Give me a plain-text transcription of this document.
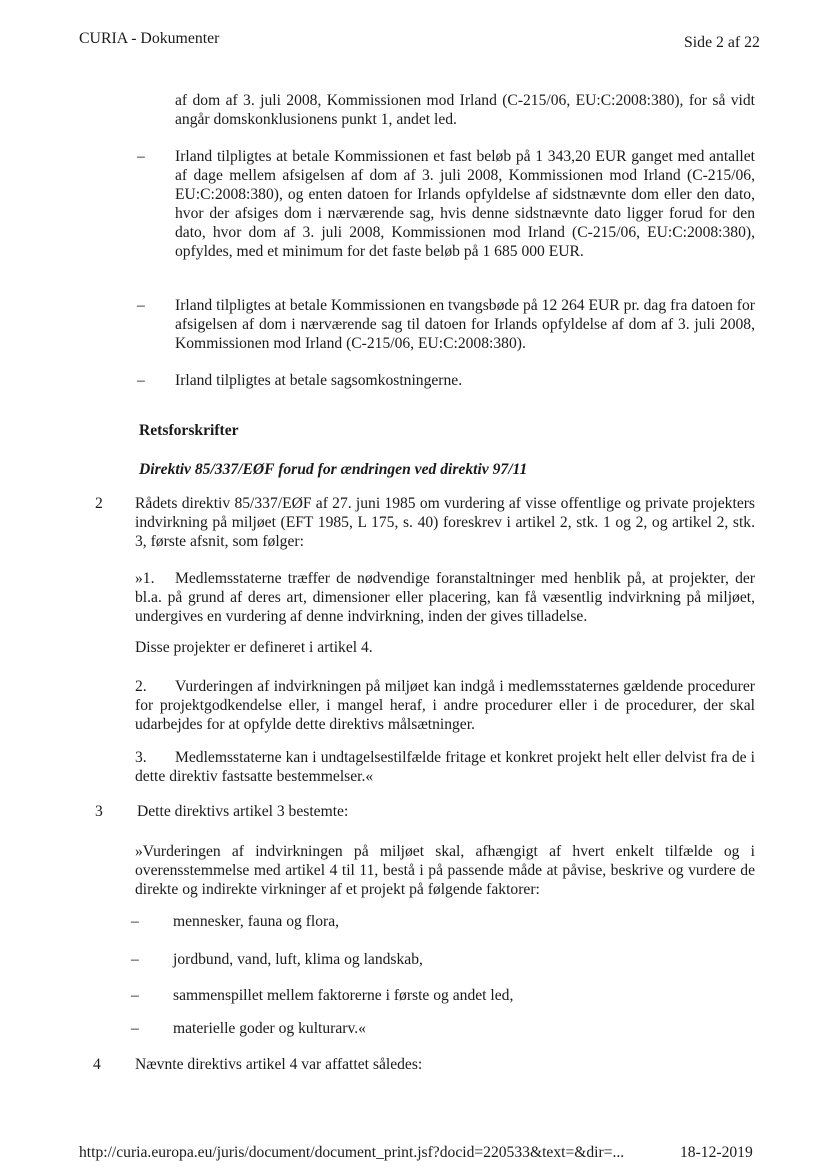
CURIA - Dokumenter	Side 2 af 22
af dom af 3. juli 2008, Kommissionen mod Irland (C-215/06, EU:C:2008:380), for så vidt angår domskonklusionens punkt 1, andet led.
–	Irland tilpligtes at betale Kommissionen et fast beløb på 1 343,20 EUR ganget med antallet af dage mellem afsigelsen af dom af 3. juli 2008, Kommissionen mod Irland (C-215/06, EU:C:2008:380), og enten datoen for Irlands opfyldelse af sidstnævnte dom eller den dato, hvor der afsiges dom i nærværende sag, hvis denne sidstnævnte dato ligger forud for den dato, hvor dom af 3. juli 2008, Kommissionen mod Irland (C-215/06, EU:C:2008:380), opfyldes, med et minimum for det faste beløb på 1 685 000 EUR.
–	Irland tilpligtes at betale Kommissionen en tvangsbøde på 12 264 EUR pr. dag fra datoen for afsigelsen af dom i nærværende sag til datoen for Irlands opfyldelse af dom af 3. juli 2008, Kommissionen mod Irland (C-215/06, EU:C:2008:380).
–	Irland tilpligtes at betale sagsomkostningerne.
Retsforskrifter
Direktiv 85/337/EØF forud for ændringen ved direktiv 97/11
2 Rådets direktiv 85/337/EØF af 27. juni 1985 om vurdering af visse offentlige og private projekters indvirkning på miljøet (EFT 1985, L 175, s. 40) foreskrev i artikel 2, stk. 1 og 2, og artikel 2, stk. 3, første afsnit, som følger:
»1. Medlemsstaterne træffer de nødvendige foranstaltninger med henblik på, at projekter, der bl.a. på grund af deres art, dimensioner eller placering, kan få væsentlig indvirkning på miljøet, undergives en vurdering af denne indvirkning, inden der gives tilladelse.
Disse projekter er defineret i artikel 4.
2. Vurderingen af indvirkningen på miljøet kan indgå i medlemsstaternes gældende procedurer for projektgodkendelse eller, i mangel heraf, i andre procedurer eller i de procedurer, der skal udarbejdes for at opfylde dette direktivs målsætninger.
3. Medlemsstaterne kan i undtagelsestilfælde fritage et konkret projekt helt eller delvist fra de i dette direktiv fastsatte bestemmelser.«
3 Dette direktivs artikel 3 bestemte:
»Vurderingen af indvirkningen på miljøet skal, afhængigt af hvert enkelt tilfælde og i overensstemmelse med artikel 4 til 11, bestå i på passende måde at påvise, beskrive og vurdere de direkte og indirekte virkninger af et projekt på følgende faktorer:
–	mennesker, fauna og flora,
–	jordbund, vand, luft, klima og landskab,
–	sammenspillet mellem faktorerne i første og andet led,
–	materielle goder og kulturarv.«
4 Nævnte direktivs artikel 4 var affattet således:
http://curia.europa.eu/juris/document/document_print.jsf?docid=220533&text=&dir=...	18-12-2019
